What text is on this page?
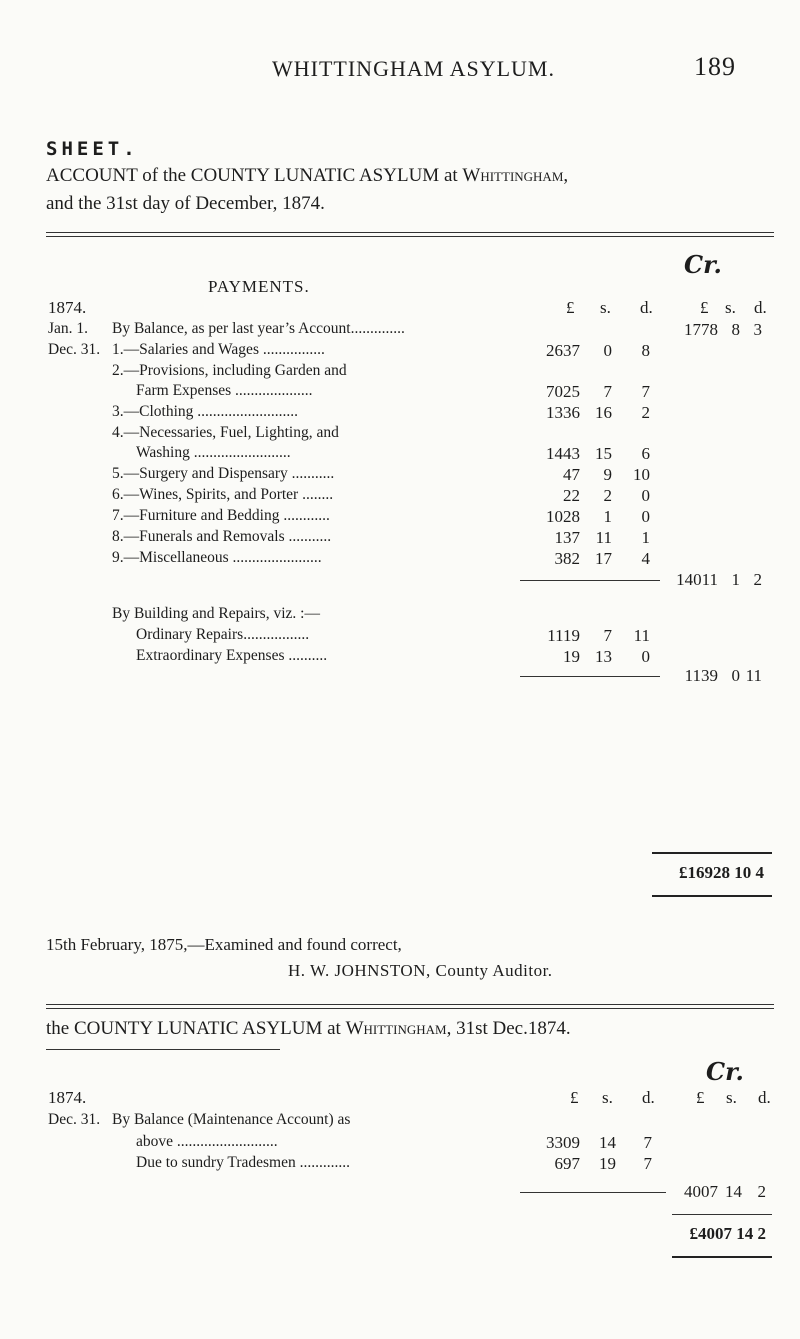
WHITTINGHAM ASYLUM.	189
SHEET.
ACCOUNT of the COUNTY LUNATIC ASYLUM at Whittingham,
and the 31st day of December, 1874.
Cr.
PAYMENTS.
1874.	£ s. d.	£ s. d.
Jan. 1. By Balance, as per last year’s Account..............	1778 8 3
Dec. 31. 1.—Salaries and Wages ................	2637	0	8
2.—Provisions, including Garden and
Farm Expenses ....................	7025	7	7
3.—Clothing ..........................	1336 16	2
4.—Necessaries, Fuel, Lighting, and
Washing .........................	1443 15	6
5.—Surgery and Dispensary ...........	47	9	10
6.—Wines, Spirits, and Porter ........	22	2	0
7.—Furniture and Bedding ............	1028	1	0
8.—Funerals and Removals ...........	137 11	1
9.—Miscellaneous .......................	382 17	4
14011 1 2
By Building and Repairs, viz. :—
Ordinary Repairs.................	1119	7	11
Extraordinary Expenses ..........	19 13	0
1139 0 11
£16928 10 4
15th February, 1875,—Examined and found correct,
H. W. JOHNSTON, County Auditor.
the COUNTY LUNATIC ASYLUM at Whittingham, 31st Dec.1874.
Cr.
1874.	£ s. d. £ s. d.
Dec. 31. By Balance (Maintenance Account) as
above ..........................	3309	14	7
Due to sundry Tradesmen .............	697	19	7
4007 14 2
£4007 14 2
